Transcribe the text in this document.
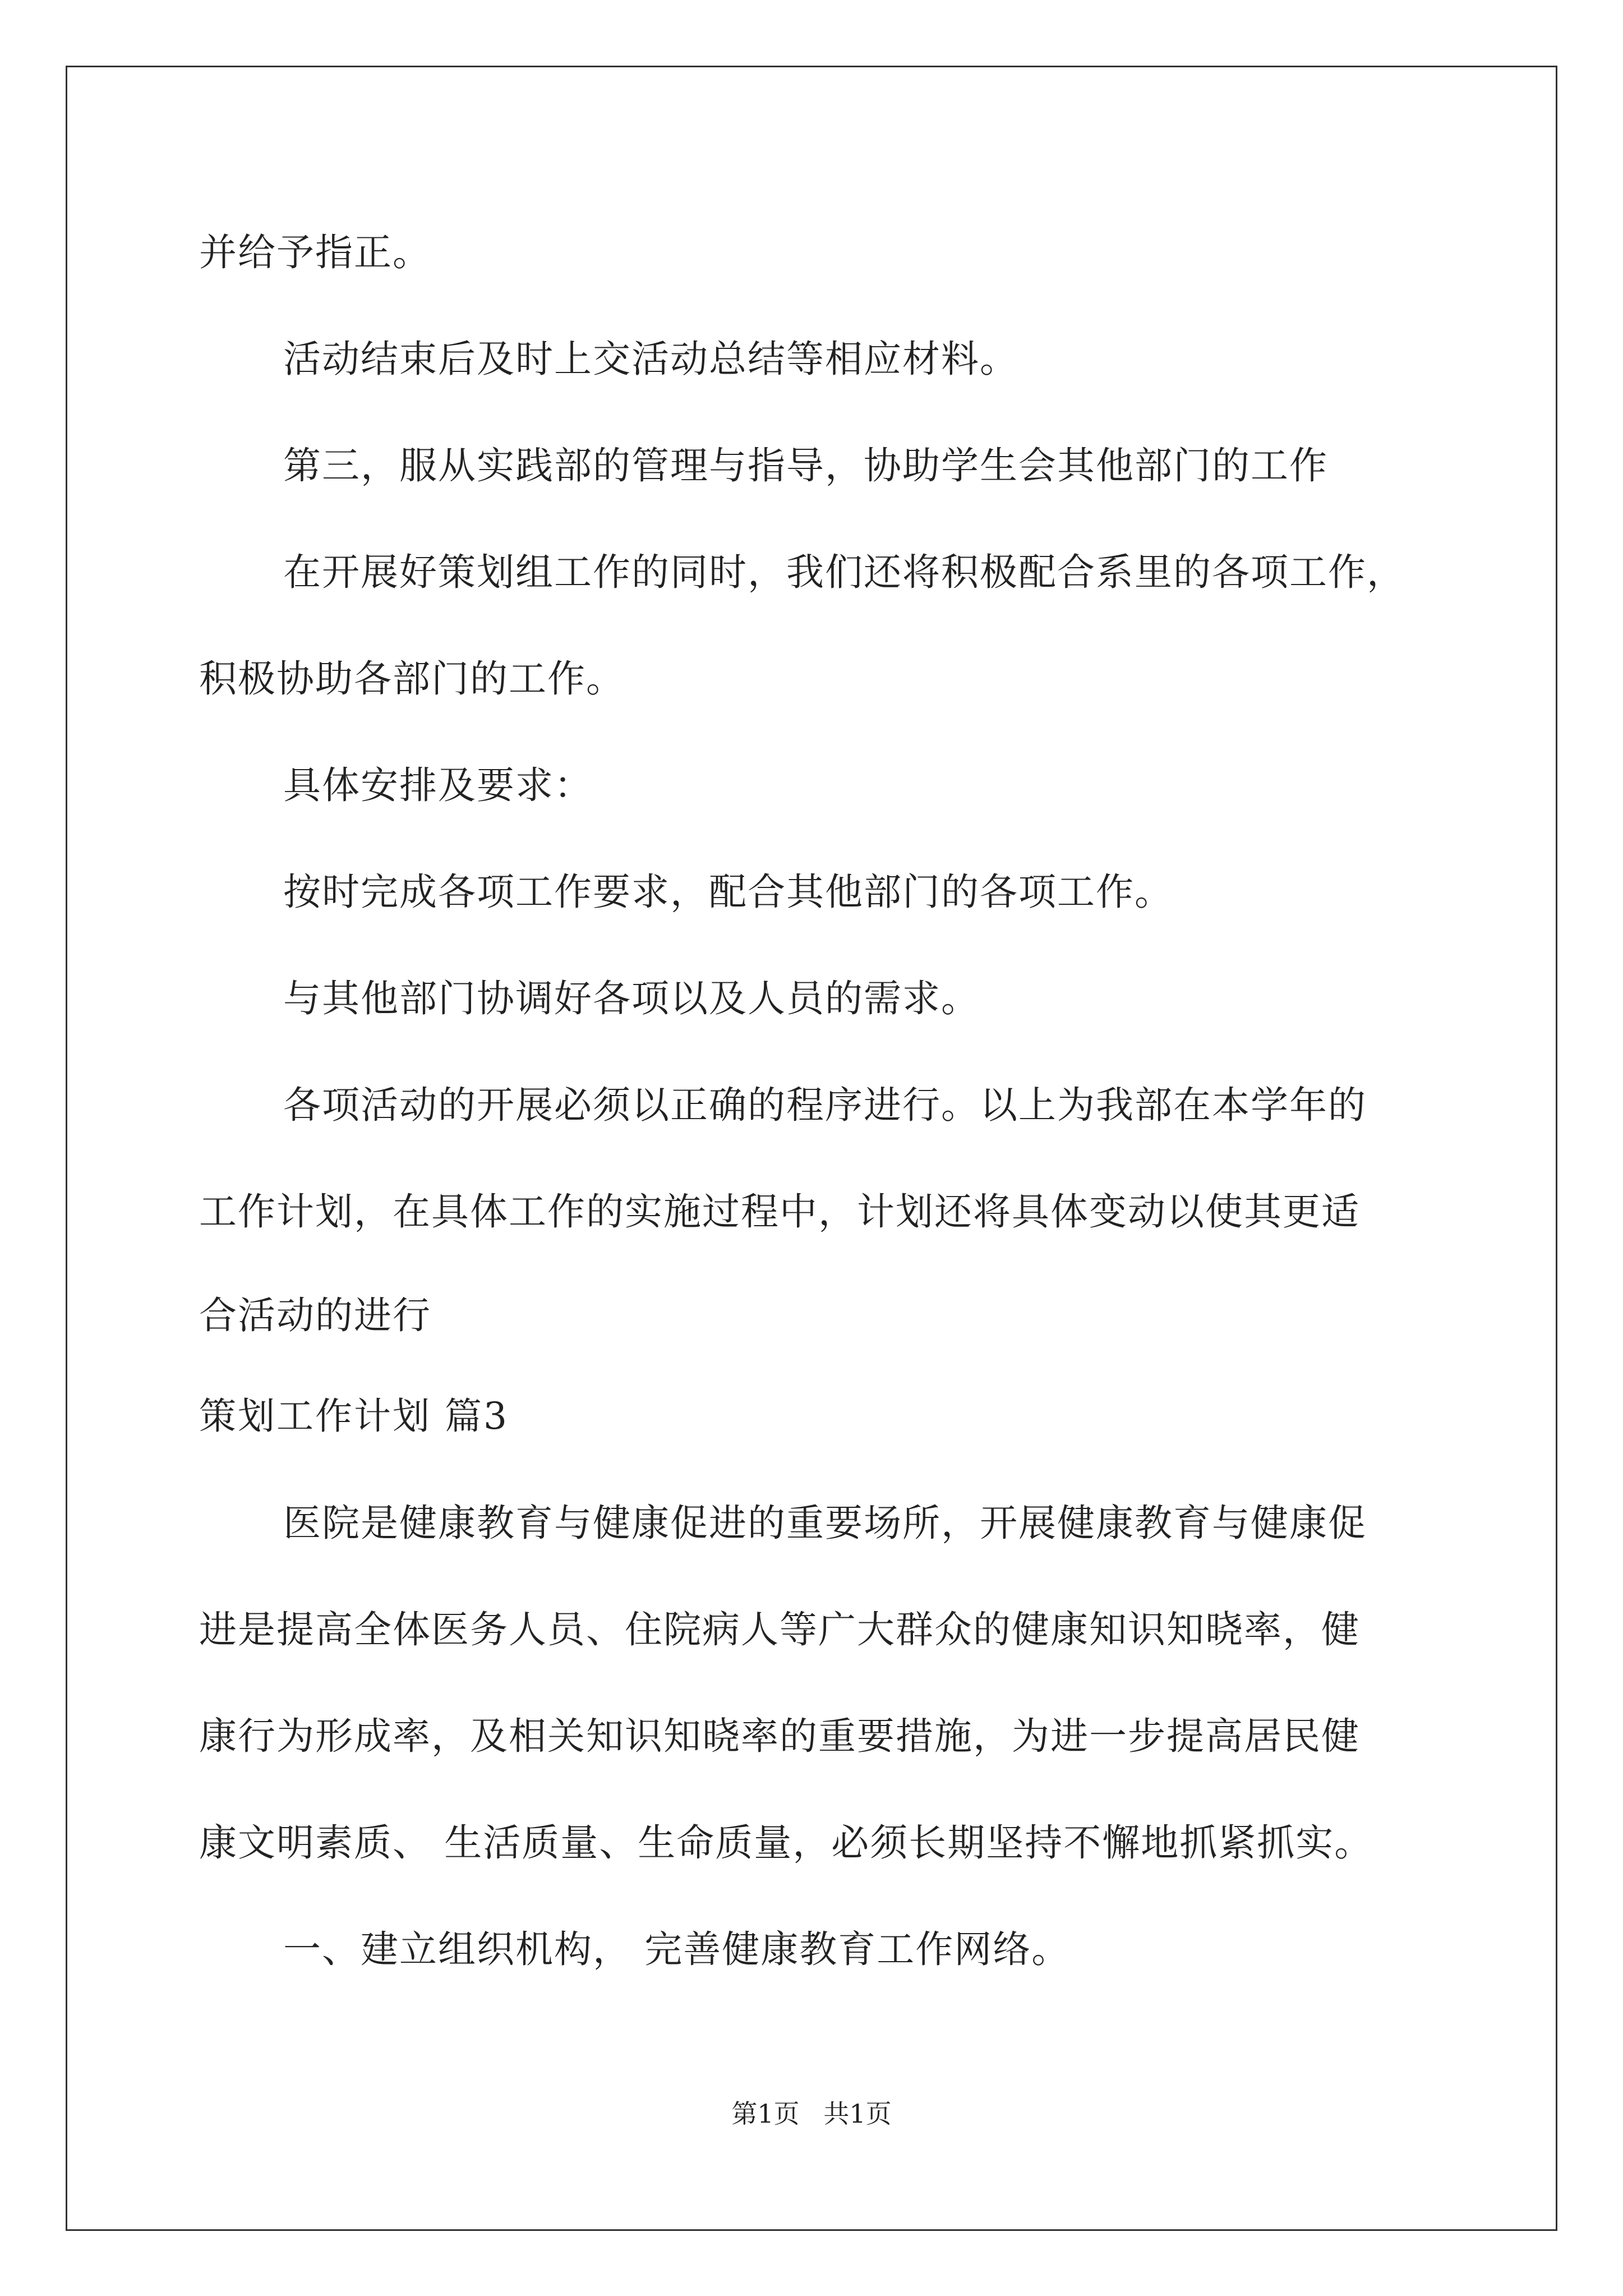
并给予指正。
活动结束后及时上交活动总结等相应材料。
第三，服从实践部的管理与指导，协助学生会其他部门的工作
在开展好策划组工作的同时，我们还将积极配合系里的各项工作，
积极协助各部门的工作。
具体安排及要求：
按时完成各项工作要求，配合其他部门的各项工作。
与其他部门协调好各项以及人员的需求。
各项活动的开展必须以正确的程序进行。以上为我部在本学年的
工作计划，在具体工作的实施过程中，计划还将具体变动以使其更适
合活动的进行
策划工作计划 篇3
医院是健康教育与健康促进的重要场所，开展健康教育与健康促
进是提高全体医务人员、住院病人等广大群众的健康知识知晓率，健
康行为形成率，及相关知识知晓率的重要措施，为进一步提高居民健
康文明素质、 生活质量、生命质量，必须长期坚持不懈地抓紧抓实。
一、建立组织机构， 完善健康教育工作网络。
第1页 共1页
